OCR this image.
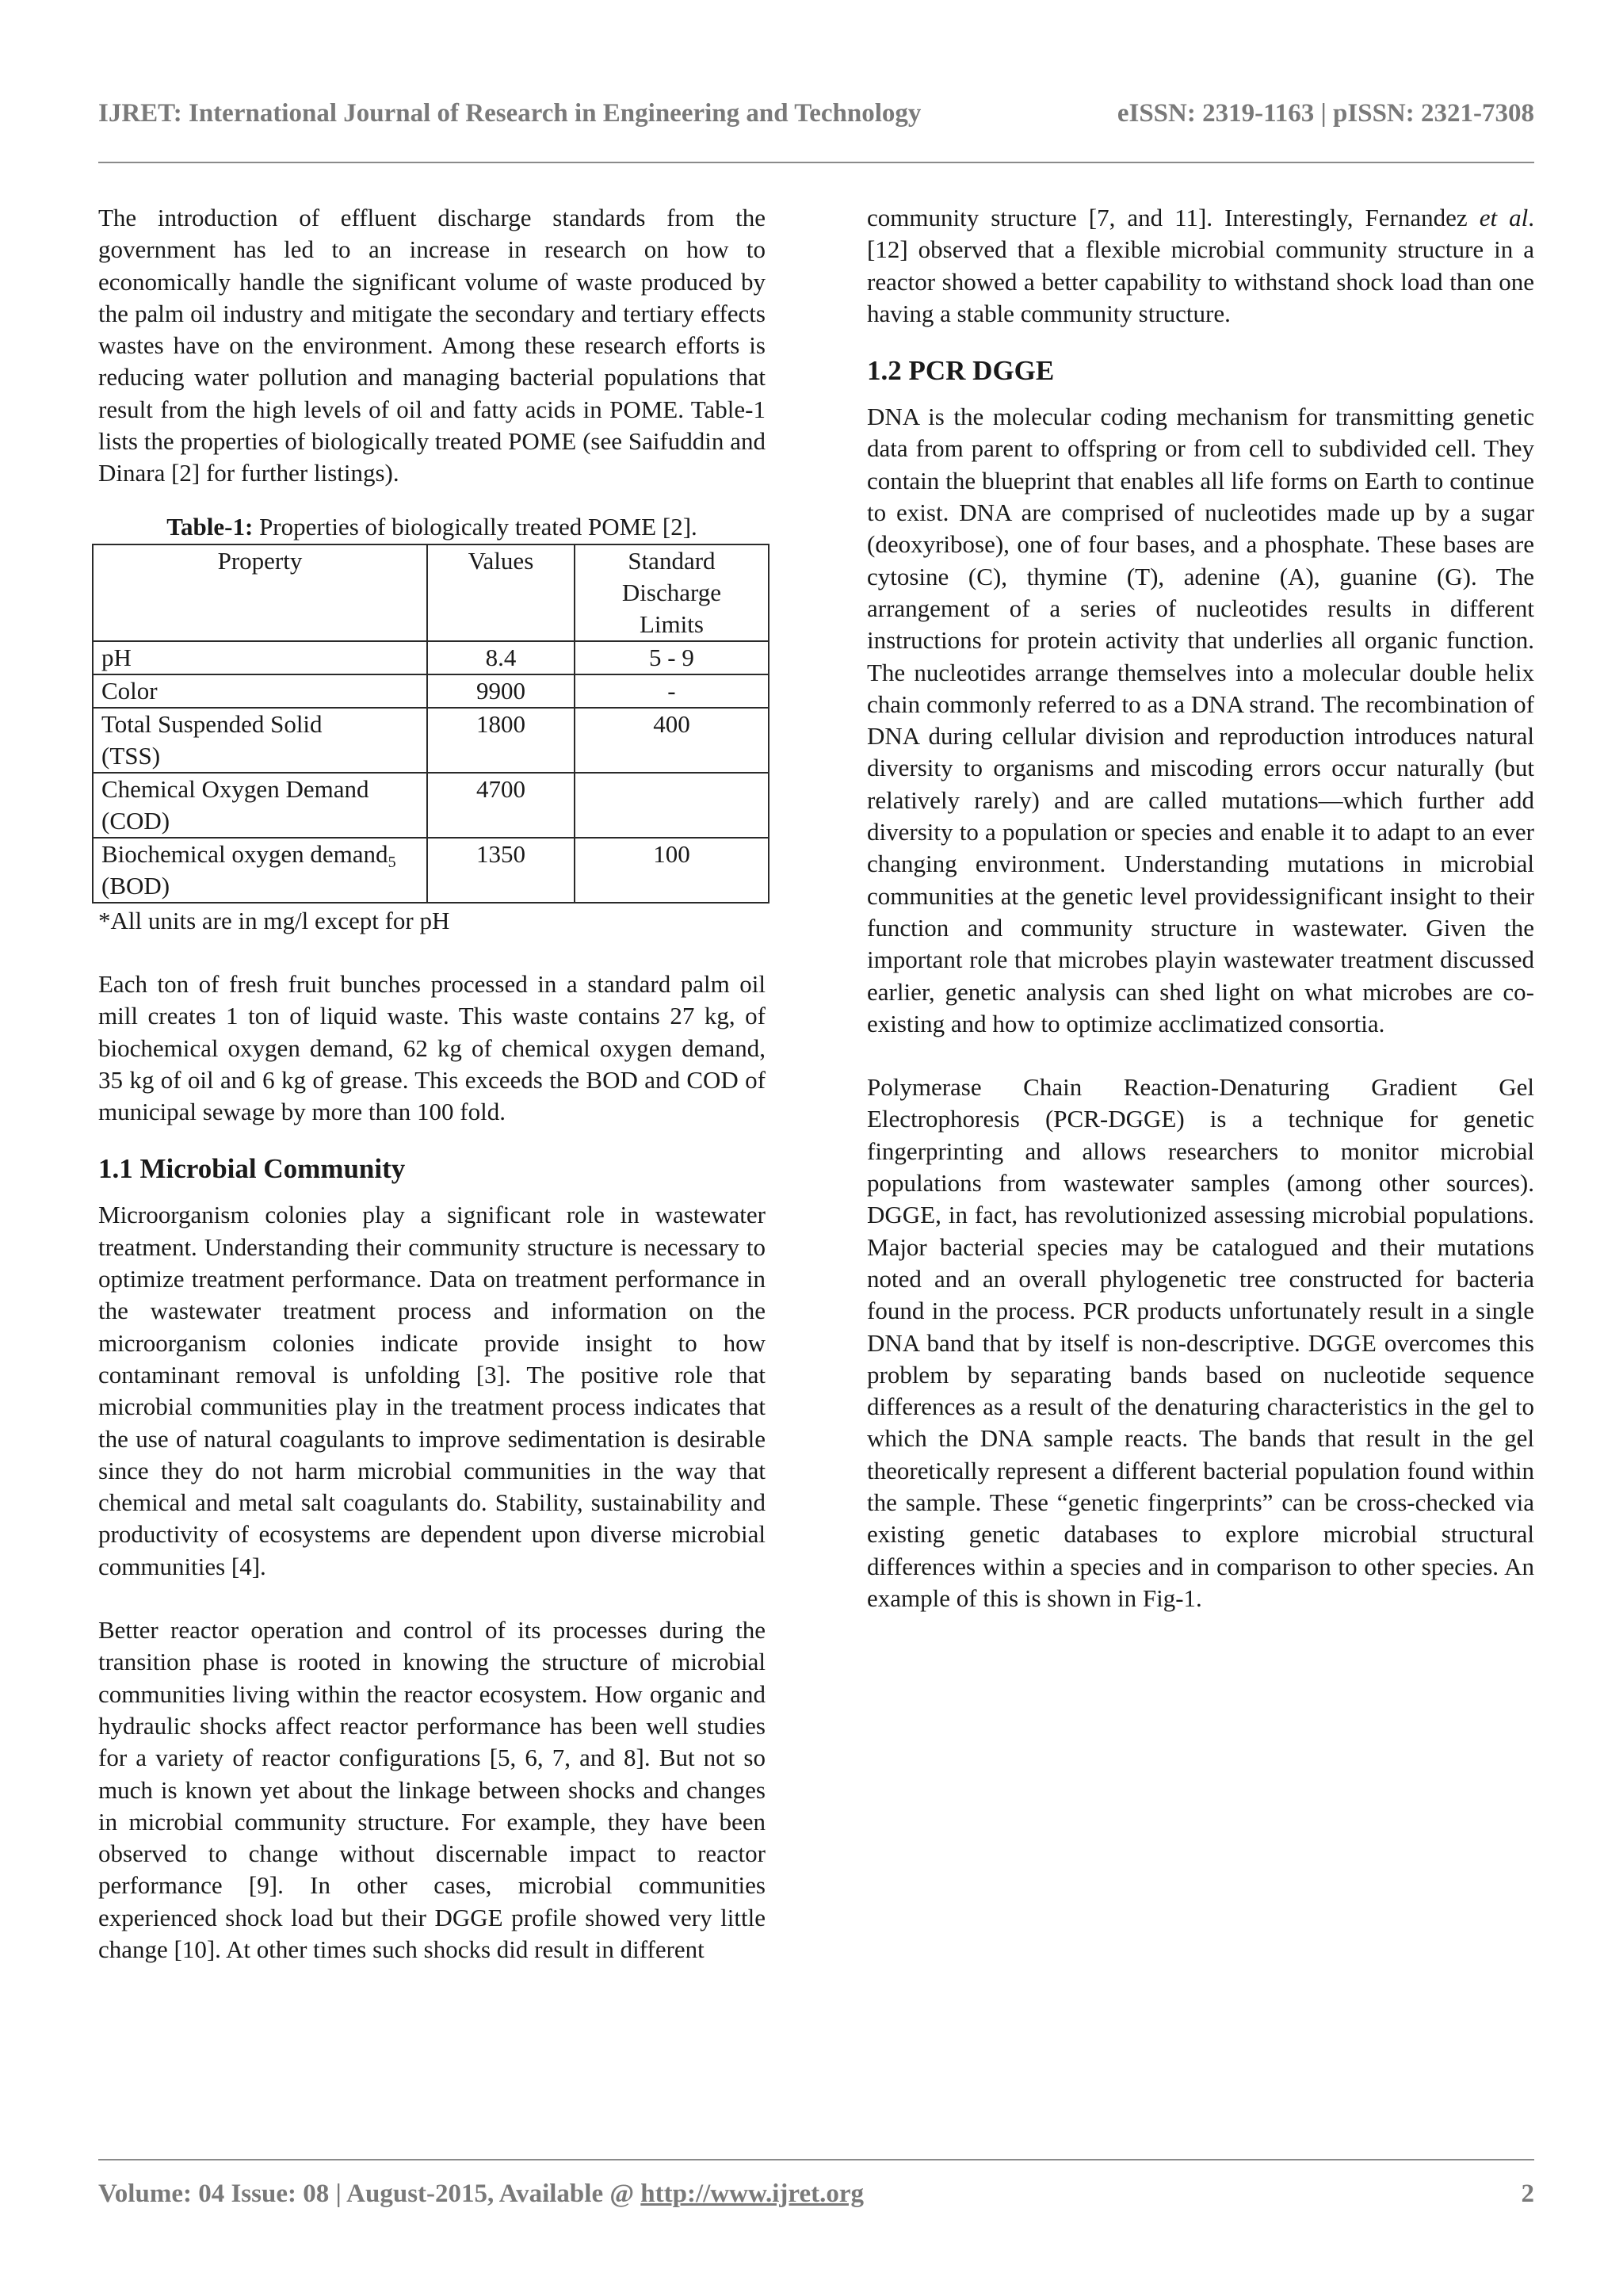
IJRET: International Journal of Research in Engineering and Technology	eISSN: 2319-1163 | pISSN: 2321-7308

The introduction of effluent discharge standards from the government has led to an increase in research on how to economically handle the significant volume of waste produced by the palm oil industry and mitigate the secondary and tertiary effects wastes have on the environment. Among these research efforts is reducing water pollution and managing bacterial populations that result from the high levels of oil and fatty acids in POME. Table-1 lists the properties of biologically treated POME (see Saifuddin and Dinara [2] for further listings).

Table-1: Properties of biologically treated POME [2].
Property	Values	Standard Discharge Limits
pH	8.4	5 - 9
Color	9900	-
Total Suspended Solid (TSS)	1800	400
Chemical Oxygen Demand (COD)	4700	
Biochemical oxygen demand$_5$ (BOD)	1350	100
*All units are in mg/l except for pH

Each ton of fresh fruit bunches processed in a standard palm oil mill creates 1 ton of liquid waste. This waste contains 27 kg, of biochemical oxygen demand, 62 kg of chemical oxygen demand, 35 kg of oil and 6 kg of grease. This exceeds the BOD and COD of municipal sewage by more than 100 fold.

1.1 Microbial Community

Microorganism colonies play a significant role in wastewater treatment. Understanding their community structure is necessary to optimize treatment performance. Data on treatment performance in the wastewater treatment process and information on the microorganism colonies indicate provide insight to how contaminant removal is unfolding [3]. The positive role that microbial communities play in the treatment process indicates that the use of natural coagulants to improve sedimentation is desirable since they do not harm microbial communities in the way that chemical and metal salt coagulants do. Stability, sustainability and productivity of ecosystems are dependent upon diverse microbial communities [4].

Better reactor operation and control of its processes during the transition phase is rooted in knowing the structure of microbial communities living within the reactor ecosystem. How organic and hydraulic shocks affect reactor performance has been well studies for a variety of reactor configurations [5, 6, 7, and 8]. But not so much is known yet about the linkage between shocks and changes in microbial community structure. For example, they have been observed to change without discernable impact to reactor performance [9]. In other cases, microbial communities experienced shock load but their DGGE profile showed very little change [10]. At other times such shocks did result in different

community structure [7, and 11]. Interestingly, Fernandez et al. [12] observed that a flexible microbial community structure in a reactor showed a better capability to withstand shock load than one having a stable community structure.

1.2 PCR DGGE

DNA is the molecular coding mechanism for transmitting genetic data from parent to offspring or from cell to subdivided cell. They contain the blueprint that enables all life forms on Earth to continue to exist. DNA are comprised of nucleotides made up by a sugar (deoxyribose), one of four bases, and a phosphate. These bases are cytosine (C), thymine (T), adenine (A), guanine (G). The arrangement of a series of nucleotides results in different instructions for protein activity that underlies all organic function. The nucleotides arrange themselves into a molecular double helix chain commonly referred to as a DNA strand. The recombination of DNA during cellular division and reproduction introduces natural diversity to organisms and miscoding errors occur naturally (but relatively rarely) and are called mutations—which further add diversity to a population or species and enable it to adapt to an ever changing environment. Understanding mutations in microbial communities at the genetic level providessignificant insight to their function and community structure in wastewater. Given the important role that microbes playin wastewater treatment discussed earlier, genetic analysis can shed light on what microbes are co-existing and how to optimize acclimatized consortia.

Polymerase Chain Reaction-Denaturing Gradient Gel Electrophoresis (PCR-DGGE) is a technique for genetic fingerprinting and allows researchers to monitor microbial populations from wastewater samples (among other sources). DGGE, in fact, has revolutionized assessing microbial populations. Major bacterial species may be catalogued and their mutations noted and an overall phylogenetic tree constructed for bacteria found in the process. PCR products unfortunately result in a single DNA band that by itself is non-descriptive. DGGE overcomes this problem by separating bands based on nucleotide sequence differences as a result of the denaturing characteristics in the gel to which the DNA sample reacts. The bands that result in the gel theoretically represent a different bacterial population found within the sample. These “genetic fingerprints” can be cross-checked via existing genetic databases to explore microbial structural differences within a species and in comparison to other species. An example of this is shown in Fig-1.

Volume: 04 Issue: 08 | August-2015, Available @ http://www.ijret.org	2
